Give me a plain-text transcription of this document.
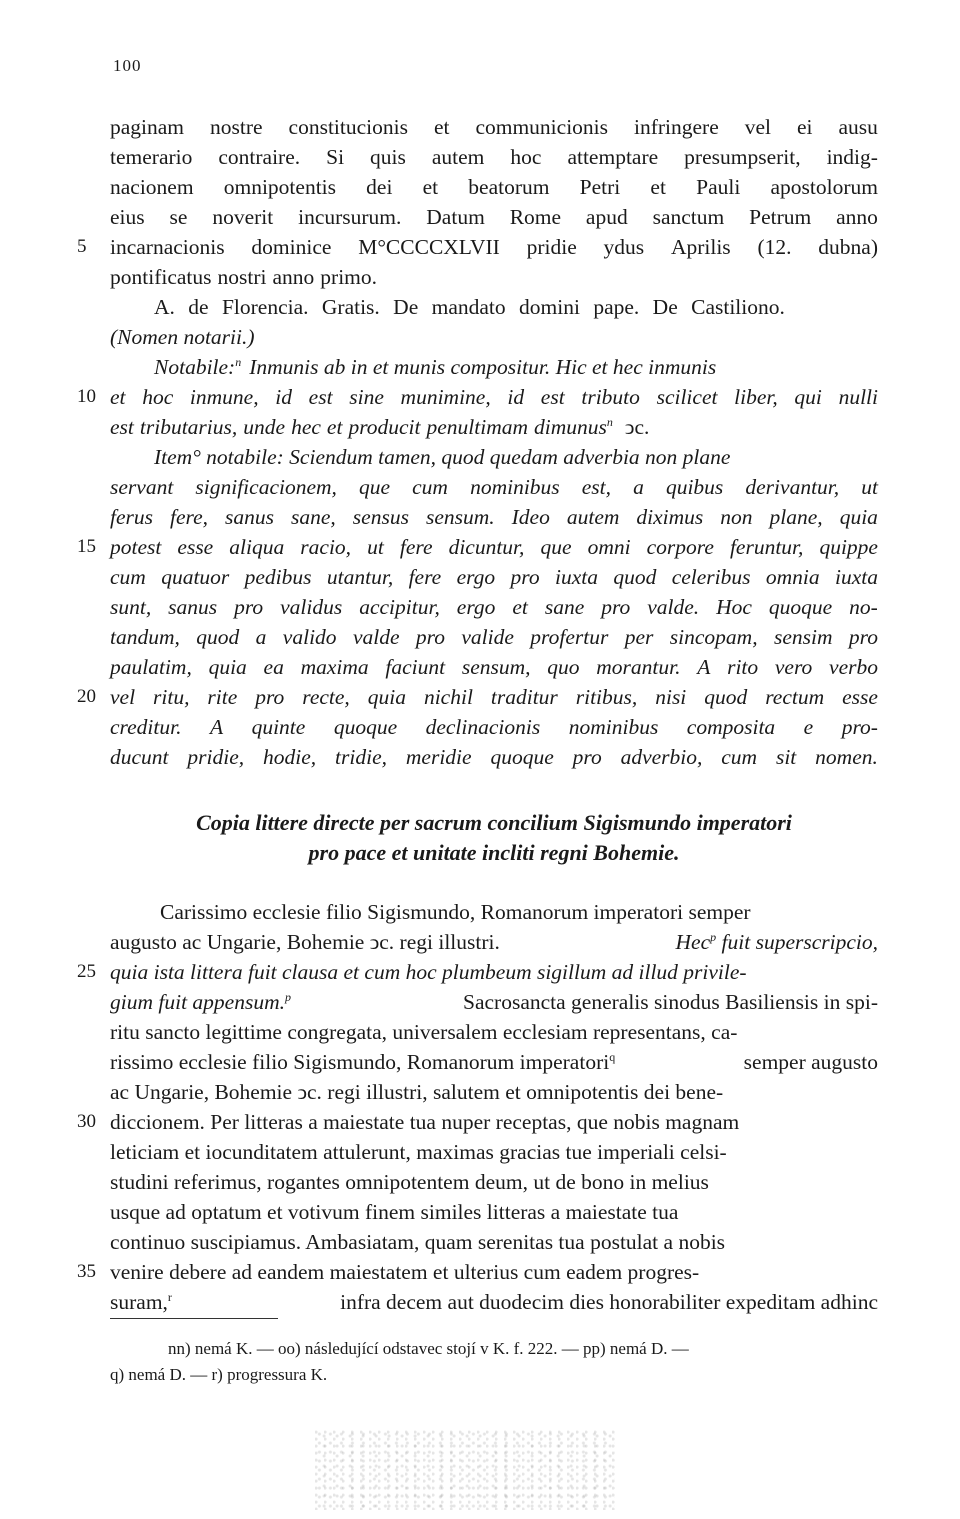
100
paginam nostre constitucionis et communicionis infringere vel ei ausu
temerario contraire. Si quis autem hoc attemptare presumpserit, indig-
nacionem omnipotentis dei et beatorum Petri et Pauli apostolorum
eius se noverit incursurum. Datum Rome apud sanctum Petrum anno
5 incarnacionis dominice M°CCCCXLVII pridie ydus Aprilis (12. dubna)
pontificatus nostri anno primo.
A. de Florencia. Gratis. De mandato domini pape. De Castiliono.
(Nomen notarii.)
Notabile:$^n$ Inmunis ab in et munis compositur. Hic et hec inmunis
10 et hoc inmune, id est sine munimine, id est tributo scilicet liber, qui nulli
est tributarius, unde hec et producit penultimam dimunus$^n$ ↄc.
Item° notabile: Sciendum tamen, quod quedam adverbia non plane
servant significacionem, que cum nominibus est, a quibus derivantur, ut
ferus fere, sanus sane, sensus sensum. Ideo autem diximus non plane, quia
15 potest esse aliqua racio, ut fere dicuntur, que omni corpore feruntur, quippe
cum quatuor pedibus utantur, fere ergo pro iuxta quod celeribus omnia iuxta
sunt, sanus pro validus accipitur, ergo et sane pro valde. Hoc quoque no-
tandum, quod a valido valde pro valide profertur per sincopam, sensim pro
paulatim, quia ea maxima faciunt sensum, quo morantur. A rito vero verbo
20 vel ritu, rite pro recte, quia nichil traditur ritibus, nisi quod rectum esse
creditur. A quinte quoque declinacionis nominibus composita e pro-
ducunt pridie, hodie, tridie, meridie quoque pro adverbio, cum sit nomen.
Copia littere directe per sacrum concilium Sigismundo imperatori
pro pace et unitate incliti regni Bohemie.
Carissimo ecclesie filio Sigismundo, Romanorum imperatori semper
augusto ac Ungarie, Bohemie ↄc. regi illustri.	Hec$^p$ fuit superscripcio,
25 quia ista littera fuit clausa et cum hoc plumbeum sigillum ad illud privile-
gium fuit appensum.$^p$	Sacrosancta generalis sinodus Basiliensis in spi-
ritu sancto legittime congregata, universalem ecclesiam representans, ca-
rissimo ecclesie filio Sigismundo, Romanorum imperatori$^q$	semper augusto
ac Ungarie, Bohemie ↄc. regi illustri, salutem et omnipotentis dei bene-
30 diccionem. Per litteras a maiestate tua nuper receptas, que nobis magnam
leticiam et iocunditatem attulerunt, maximas gracias tue imperiali celsi-
studini referimus, rogantes omnipotentem deum, ut de bono in melius
usque ad optatum et votivum finem similes litteras a maiestate tua
continuo suscipiamus. Ambasiatam, quam serenitas tua postulat a nobis
35 venire debere ad eandem maiestatem et ulterius cum eadem progres-
suram,$^r$	infra decem aut duodecim dies honorabiliter expeditam adhinc
nn) nemá K. — oo) následující odstavec stojí v K. f. 222. — pp) nemá D. —
q) nemá D. — r) progressura K.
